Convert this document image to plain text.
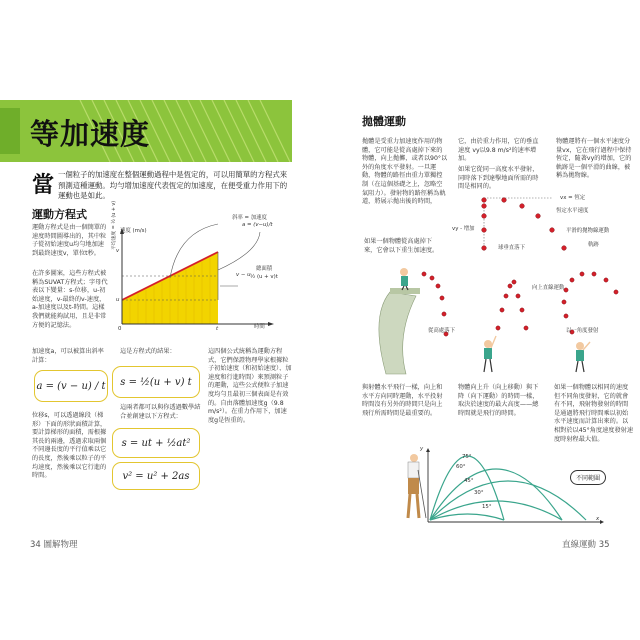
等加速度
當 一個粒子的加速度在整個運動過程中是恆定的，可以用簡單的方程式來預測這種運動。均勻增加速度代表恆定的加速度，在便受重力作用下的運動也是如此。
運動方程式
運動方程式是由一個簡單的速度時間圖導出的，其中粒子從初始速度u均勻地加速到最終速度v，單位t秒。
在許多圖案，這些方程式被稱為SUVAT方程式；字母代表以下變量：s-位移，u-初始速度，v-最終的v-速度，a-加速度以及t-時間。這樣我們就能夠試用，且是非常方便的記憶法。
速度 (m/s)
斜率 = 加速度
a = (v−u)/t
v
u
0	t	時間
v − u
總面積
½ (u + v)t
平均速度 = ½ (u + v)
加速度a，可以被算出斜率計算：
a = (v − u) / t
位移s，可以透過線段（梯形）下面的形狀面積計算，要計算梯形的面積，需根據其長的兩邊，透過求取兩個不同邊長度的平行值乘以它的長度，然後乘以粒子的平均速度，然後乘以它行進的時間。
這是方程式的結果：
s = ½(u + v) t
這兩者都可以與你透過數學結合並創建以下方程式：
s = ut + ½at²
v² = u² + 2as
這四個公式統稱為運動方程式，它們保證物理學家根據粒子初始速度（和初始速度）、加速度和行進時間）來預測粒子的運動，這些公式便粒子加速度均勻且最初三個表面是有效的。自由落體加速度g（9.8 m/s²）。在重力作用下，加速度g是恆重的。
34 圖解物理
拋體運動
拋體是受重力加速度作用的物體，它可能是從高處掉下來的物體，向上拋擲，或者以90°以外的角度水平發射。一旦運動，物體的路徑由重力單獨控制（在這個基礎之上，忽略空氣阻力）。發射物的路徑稱為軌道，將展示拋出後的時間，
它，由於重力作用，它的垂直速度 vy以9.8 m/s²的速率增加。
如果它從同一高度水平發射，同時落下到達擊地面所需的時間是相同的。
物體運將有一個水平速度分量vx，它在飛行過程中保持恆定，隨著vy的增加，它的軌跡是一個平滑的曲線，被稱為拋物線。
如果一個物體從高處掉下來，它會以下重生加速度。
vx = 恆定
恆定水平速度
vy - 增加	平滑的拋物線運動
球垂直落下	軌跡
從高處落下
向上直線運動
以一角度發射
與射體水平飛行一樣，向上和水平方向同時運動，水平投射時間沒有另外的時間只是向上飛行所需時間是最重要的。
物體向上升（向上移動）與下降（向下運動）的時間一樣，取決於速度的最大高度——總時間就是飛行的時間。
如果一個物體以相同的速度但不同角度發射，它的就會有不同，飛射物發射的時間是通過將飛行時間乘以初始水平速度而計算出來的。以相對於以45°角度速度發射速度時射程最大值。
y
x
75°
60°
45°
30°
15°
不同範圍
直線運動 35
